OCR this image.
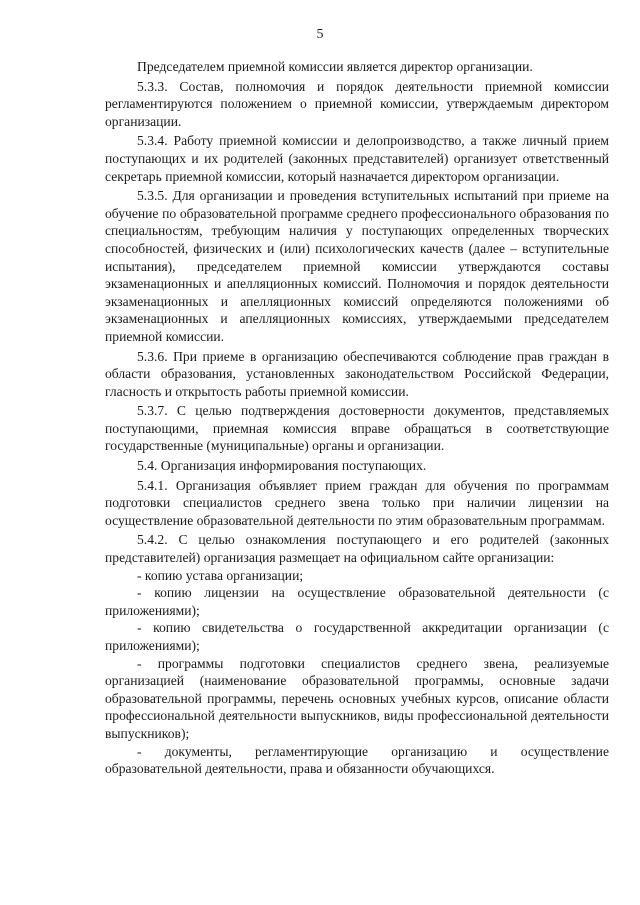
5

Председателем приемной комиссии является директор организации.

5.3.3. Состав, полномочия и порядок деятельности приемной комиссии регламентируются положением о приемной комиссии, утверждаемым директором организации.

5.3.4. Работу приемной комиссии и делопроизводство, а также личный прием поступающих и их родителей (законных представителей) организует ответственный секретарь приемной комиссии, который назначается директором организации.

5.3.5. Для организации и проведения вступительных испытаний при приеме на обучение по образовательной программе среднего профессионального образования по специальностям, требующим наличия у поступающих определенных творческих способностей, физических и (или) психологических качеств (далее – вступительные испытания), председателем приемной комиссии утверждаются составы экзаменационных и апелляционных комиссий. Полномочия и порядок деятельности экзаменационных и апелляционных комиссий определяются положениями об экзаменационных и апелляционных комиссиях, утверждаемыми председателем приемной комиссии.

5.3.6. При приеме в организацию обеспечиваются соблюдение прав граждан в области образования, установленных законодательством Российской Федерации, гласность и открытость работы приемной комиссии.

5.3.7. С целью подтверждения достоверности документов, представляемых поступающими, приемная комиссия вправе обращаться в соответствующие государственные (муниципальные) органы и организации.

5.4. Организация информирования поступающих.

5.4.1. Организация объявляет прием граждан для обучения по программам подготовки специалистов среднего звена только при наличии лицензии на осуществление образовательной деятельности по этим образовательным программам.

5.4.2. С целью ознакомления поступающего и его родителей (законных представителей) организация размещает на официальном сайте организации:

- копию устава организации;

- копию лицензии на осуществление образовательной деятельности (с приложениями);

- копию свидетельства о государственной аккредитации организации (с приложениями);

- программы подготовки специалистов среднего звена, реализуемые организацией (наименование образовательной программы, основные задачи образовательной программы, перечень основных учебных курсов, описание области профессиональной деятельности выпускников, виды профессиональной деятельности выпускников);

- документы, регламентирующие организацию и осуществление образовательной деятельности, права и обязанности обучающихся.
